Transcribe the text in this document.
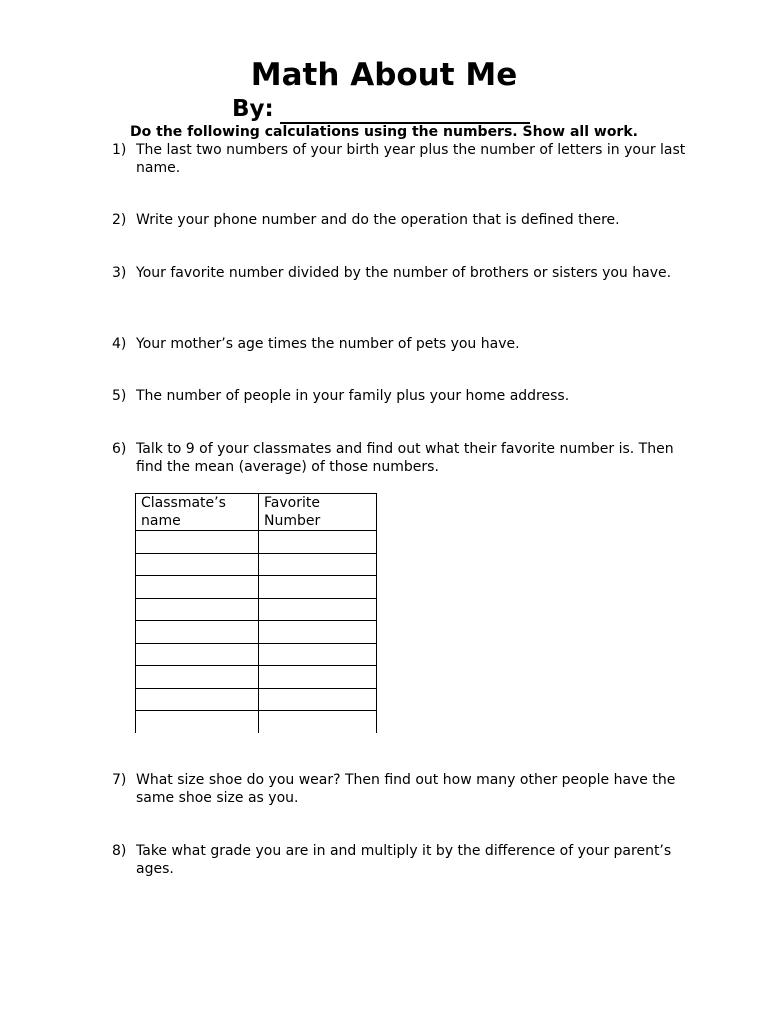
Math About Me
By:
Do the following calculations using the numbers. Show all work.
1) The last two numbers of your birth year plus the number of letters in your last name.
2) Write your phone number and do the operation that is defined there.
3) Your favorite number divided by the number of brothers or sisters you have.
4) Your mother’s age times the number of pets you have.
5) The number of people in your family plus your home address.
6) Talk to 9 of your classmates and find out what their favorite number is. Then find the mean (average) of those numbers.
Classmate’s name	Favorite Number

7) What size shoe do you wear? Then find out how many other people have the same shoe size as you.
8) Take what grade you are in and multiply it by the difference of your parent’s ages.
